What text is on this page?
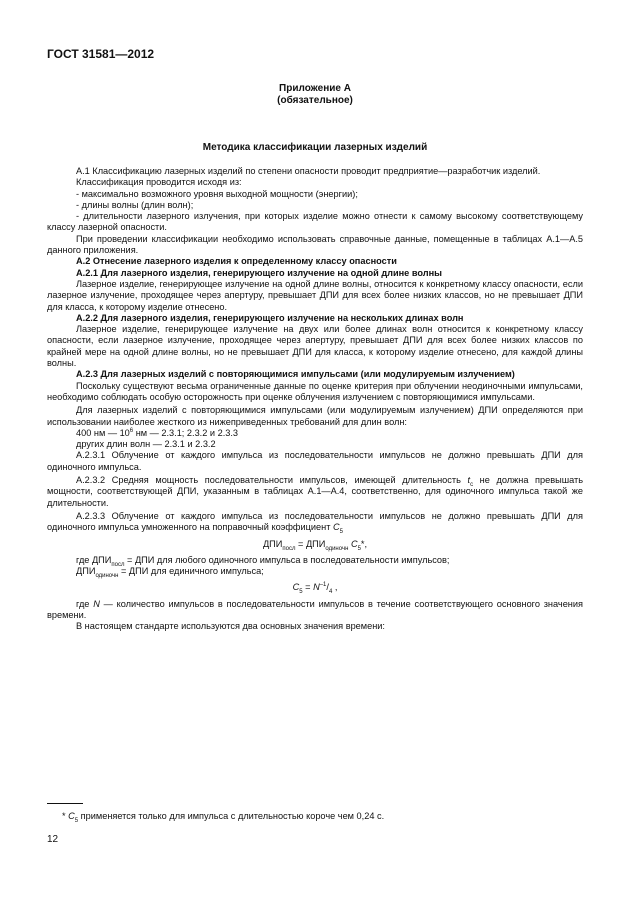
ГОСТ 31581—2012
Приложение А
(обязательное)
Методика классификации лазерных изделий

А.1 Классификацию лазерных изделий по степени опасности проводит предприятие—разработчик изделий.

Классификация проводится исходя из:

- максимально возможного уровня выходной мощности (энергии);

- длины волны (длин волн);

- длительности лазерного излучения, при которых изделие можно отнести к самому высокому соответствующему классу лазерной опасности.

При проведении классификации необходимо использовать справочные данные, помещенные в таблицах А.1—А.5 данного приложения.

А.2 Отнесение лазерного изделия к определенному классу опасности

А.2.1 Для лазерного изделия, генерирующего излучение на одной длине волны

Лазерное изделие, генерирующее излучение на одной длине волны, относится к конкретному классу опасности, если лазерное излучение, проходящее через апертуру, превышает ДПИ для всех более низких классов, но не превышает ДПИ для класса, к которому изделие отнесено.

А.2.2 Для лазерного изделия, генерирующего излучение на нескольких длинах волн

Лазерное изделие, генерирующее излучение на двух или более длинах волн относится к конкретному классу опасности, если лазерное излучение, проходящее через апертуру, превышает ДПИ для всех более низких классов по крайней мере на одной длине волны, но не превышает ДПИ для класса, к которому изделие отнесено, для каждой длины волны.

А.2.3 Для лазерных изделий с повторяющимися импульсами (или модулируемым излучением)

Поскольку существуют весьма ограниченные данные по оценке критерия при облучении неодиночными импульсами, необходимо соблюдать особую осторожность при оценке облучения излучением с повторяющимися импульсами.

Для лазерных изделий с повторяющимися импульсами (или модулируемым излучением) ДПИ определяются при использовании наиболее жесткого из нижеприведенных требований для длин волн:

400 нм — $10^6$ нм — 2.3.1; 2.3.2 и 2.3.3

других длин волн — 2.3.1 и 2.3.2

А.2.3.1 Облучение от каждого импульса из последовательности импульсов не должно превышать ДПИ для одиночного импульса.

А.2.3.2 Средняя мощность последовательности импульсов, имеющей длительность $t_c$ не должна превышать мощности, соответствующей ДПИ, указанным в таблицах А.1—А.4, соответственно, для одиночного импульса такой же длительности.

А.2.3.3 Облучение от каждого импульса из последовательности импульсов не должно превышать ДПИ для одиночного импульса умноженного на поправочный коэффициент $С_5$

$ДПИ_{посл} = ДПИ_{одиночн}$ $С_5*$,

где $ДПИ_{посл}$ = ДПИ для любого одиночного импульса в последовательности импульсов;

$ДПИ_{одиночн}$ = ДПИ для единичного импульса;

$С_5 = N^{-1}/_4$ ,

где N — количество импульсов в последовательности импульсов в течение соответствующего основного значения времени.

В настоящем стандарте используются два основных значения времени:

* $С_5$ применяется только для импульса с длительностью короче чем 0,24 с.
12
